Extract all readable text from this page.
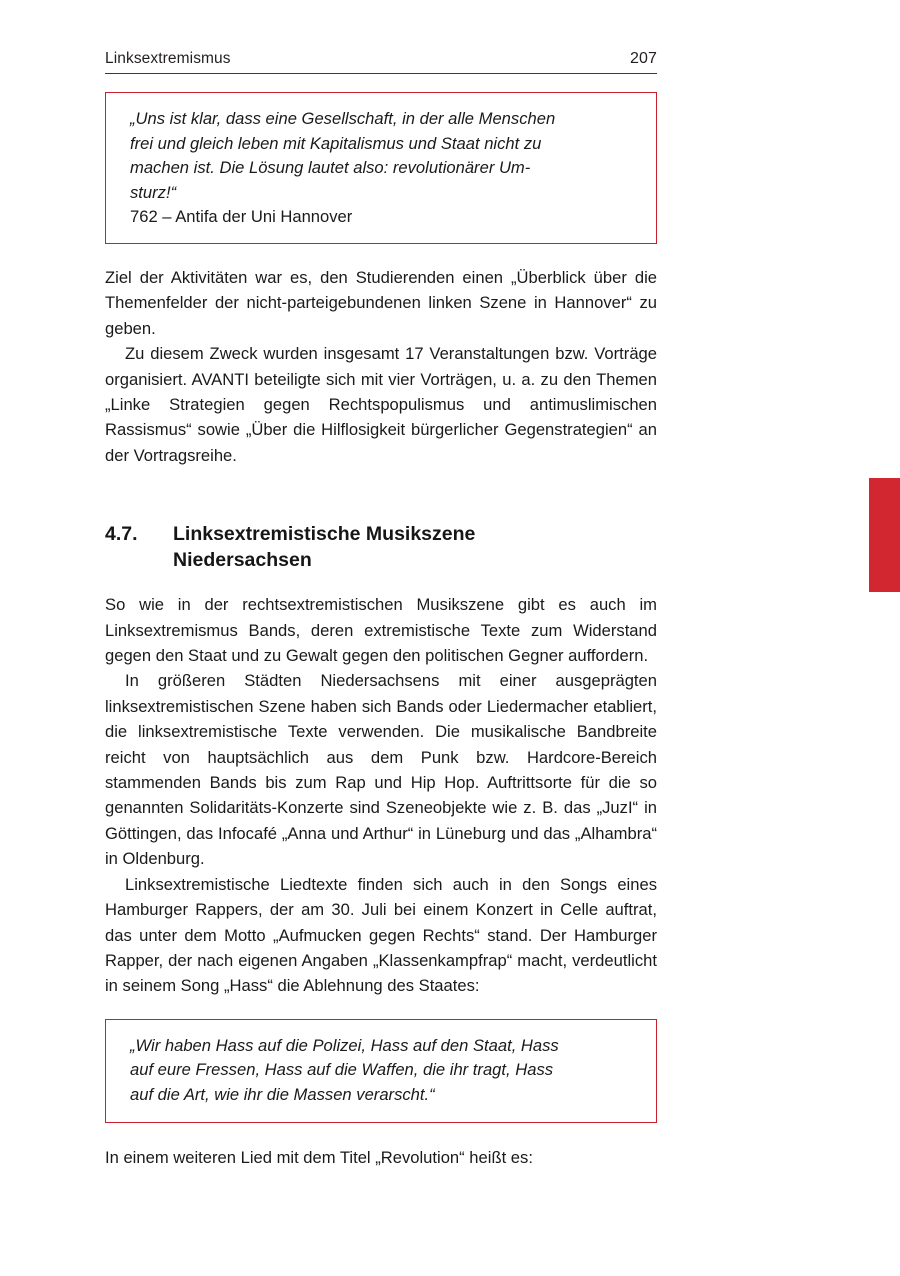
Linksextremismus	207
„Uns ist klar, dass eine Gesellschaft, in der alle Menschen
frei und gleich leben mit Kapitalismus und Staat nicht zu
machen ist. Die Lösung lautet also: revolutionärer Um-
sturz!“
762 – Antifa der Uni Hannover

Ziel der Aktivitäten war es, den Studierenden einen „Überblick über die Themenfelder der nicht-parteigebundenen linken Szene in Hannover“ zu geben.

Zu diesem Zweck wurden insgesamt 17 Veranstaltungen bzw. Vorträge organisiert. AVANTI beteiligte sich mit vier Vorträgen, u. a. zu den Themen „Linke Strategien gegen Rechtspopulismus und antimuslimischen Rassismus“ sowie „Über die Hilflosigkeit bürgerlicher Gegenstrategien“ an der Vortragsreihe.

4.7.	Linksextremistische Musikszene
Niedersachsen

So wie in der rechtsextremistischen Musikszene gibt es auch im Linksextremismus Bands, deren extremistische Texte zum Widerstand gegen den Staat und zu Gewalt gegen den politischen Gegner auffordern.

In größeren Städten Niedersachsens mit einer ausgeprägten linksextremistischen Szene haben sich Bands oder Liedermacher etabliert, die linksextremistische Texte verwenden. Die musikalische Bandbreite reicht von hauptsächlich aus dem Punk bzw. Hardcore-Bereich stammenden Bands bis zum Rap und Hip Hop. Auftrittsorte für die so genannten Solidaritäts-Konzerte sind Szeneobjekte wie z. B. das „JuzI“ in Göttingen, das Infocafé „Anna und Arthur“ in Lüneburg und das „Alhambra“ in Oldenburg.

Linksextremistische Liedtexte finden sich auch in den Songs eines Hamburger Rappers, der am 30. Juli bei einem Konzert in Celle auftrat, das unter dem Motto „Aufmucken gegen Rechts“ stand. Der Hamburger Rapper, der nach eigenen Angaben „Klassenkampfrap“ macht, verdeutlicht in seinem Song „Hass“ die Ablehnung des Staates:

„Wir haben Hass auf die Polizei, Hass auf den Staat, Hass
auf eure Fressen, Hass auf die Waffen, die ihr tragt, Hass
auf die Art, wie ihr die Massen verarscht.“

In einem weiteren Lied mit dem Titel „Revolution“ heißt es:
